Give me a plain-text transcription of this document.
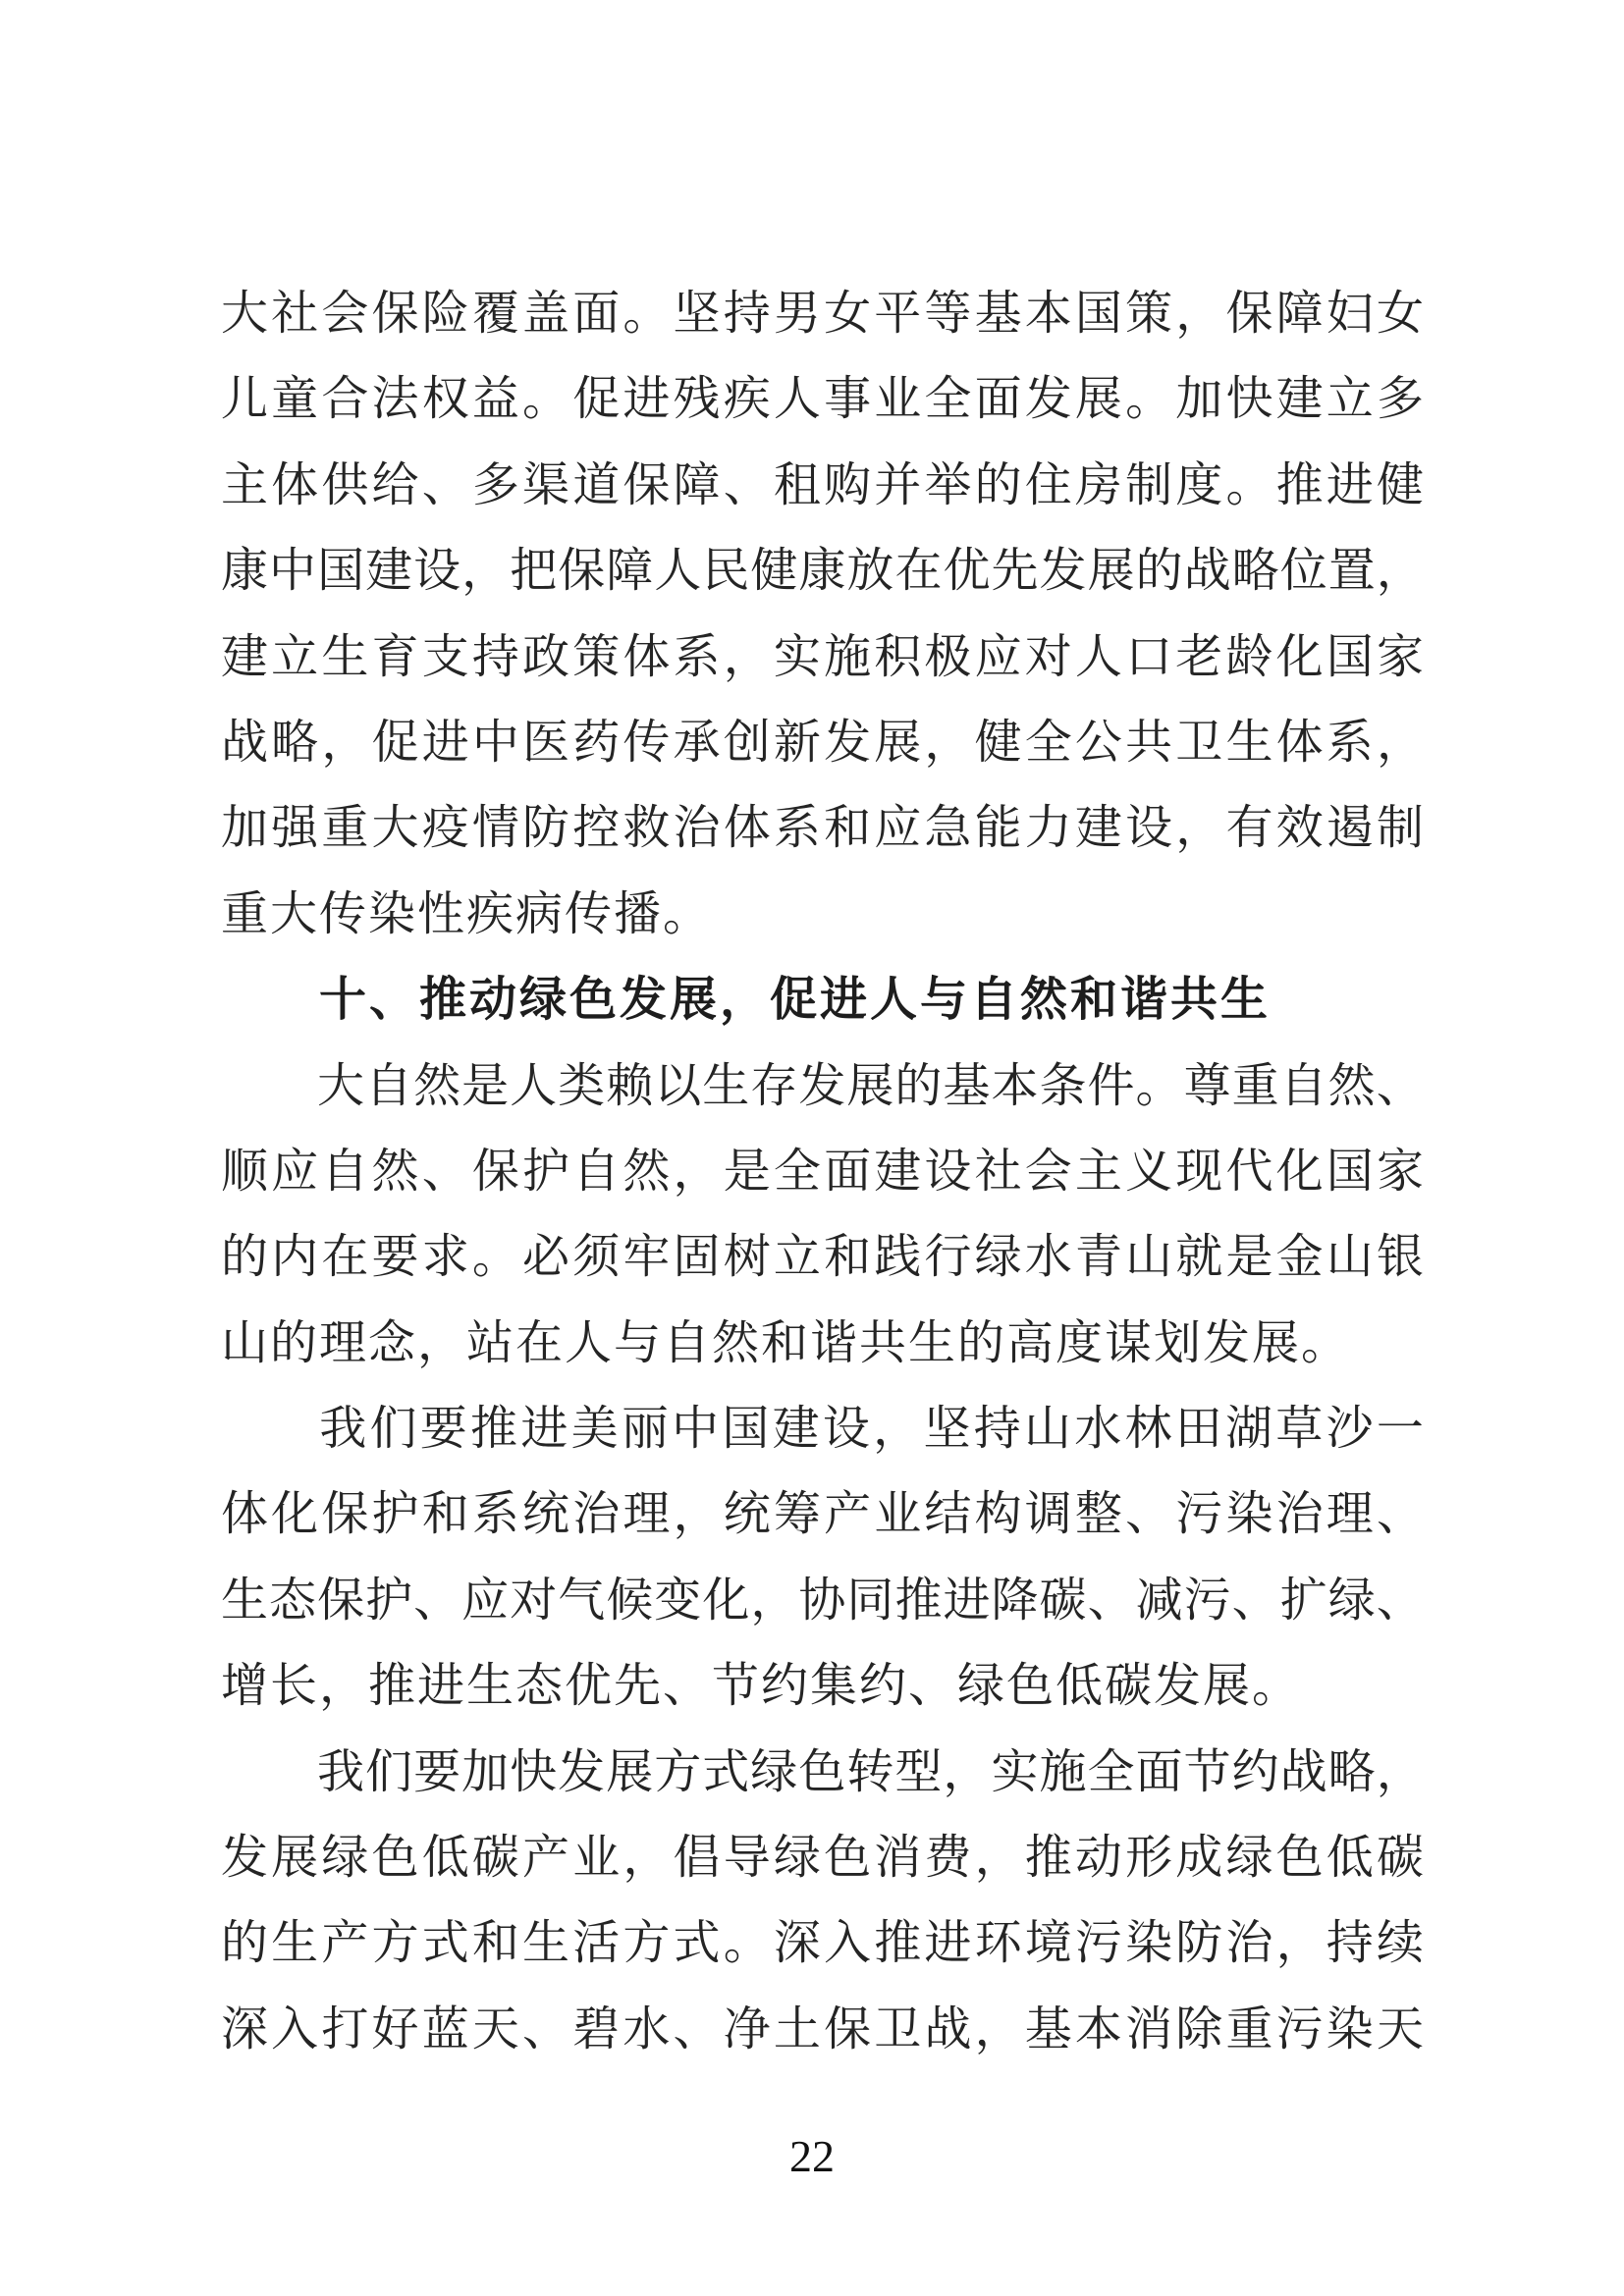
大 社 会 保 险 覆 盖 面 。 坚 持 男 女 平 等 基 本 国 策 ， 保 障 妇 女
儿 童 合 法 权 益 。 促 进 残 疾 人 事 业 全 面 发 展 。 加 快 建 立 多
主 体 供 给 、 多 渠 道 保 障 、 租 购 并 举 的 住 房 制 度 。 推 进 健
康 中 国 建 设 ， 把 保 障 人 民 健 康 放 在 优 先 发 展 的 战 略 位 置 ，
建 立 生 育 支 持 政 策 体 系 ， 实 施 积 极 应 对 人 口 老 龄 化 国 家
战 略 ， 促 进 中 医 药 传 承 创 新 发 展 ， 健 全 公 共 卫 生 体 系 ，
加 强 重 大 疫 情 防 控 救 治 体 系 和 应 急 能 力 建 设 ， 有 效 遏 制
重大传染性疾病传播。
十、推动绿色发展，促进人与自然和谐共生
大 自 然 是 人 类 赖 以 生 存 发 展 的 基 本 条 件 。 尊 重 自 然 、
顺 应 自 然 、 保 护 自 然 ， 是 全 面 建 设 社 会 主 义 现 代 化 国 家
的 内 在 要 求 。 必 须 牢 固 树 立 和 践 行 绿 水 青 山 就 是 金 山 银
山的理念，站在人与自然和谐共生的高度谋划发展。
我 们 要 推 进 美 丽 中 国 建 设 ， 坚 持 山 水 林 田 湖 草 沙 一
体 化 保 护 和 系 统 治 理 ， 统 筹 产 业 结 构 调 整 、 污 染 治 理 、
生 态 保 护 、 应 对 气 候 变 化 ， 协 同 推 进 降 碳 、 减 污 、 扩 绿 、
增长，推进生态优先、节约集约、绿色低碳发展。
我 们 要 加 快 发 展 方 式 绿 色 转 型 ， 实 施 全 面 节 约 战 略 ，
发 展 绿 色 低 碳 产 业 ， 倡 导 绿 色 消 费 ， 推 动 形 成 绿 色 低 碳
的 生 产 方 式 和 生 活 方 式 。 深 入 推 进 环 境 污 染 防 治 ， 持 续
深 入 打 好 蓝 天 、 碧 水 、 净 土 保 卫 战 ， 基 本 消 除 重 污 染 天
22
